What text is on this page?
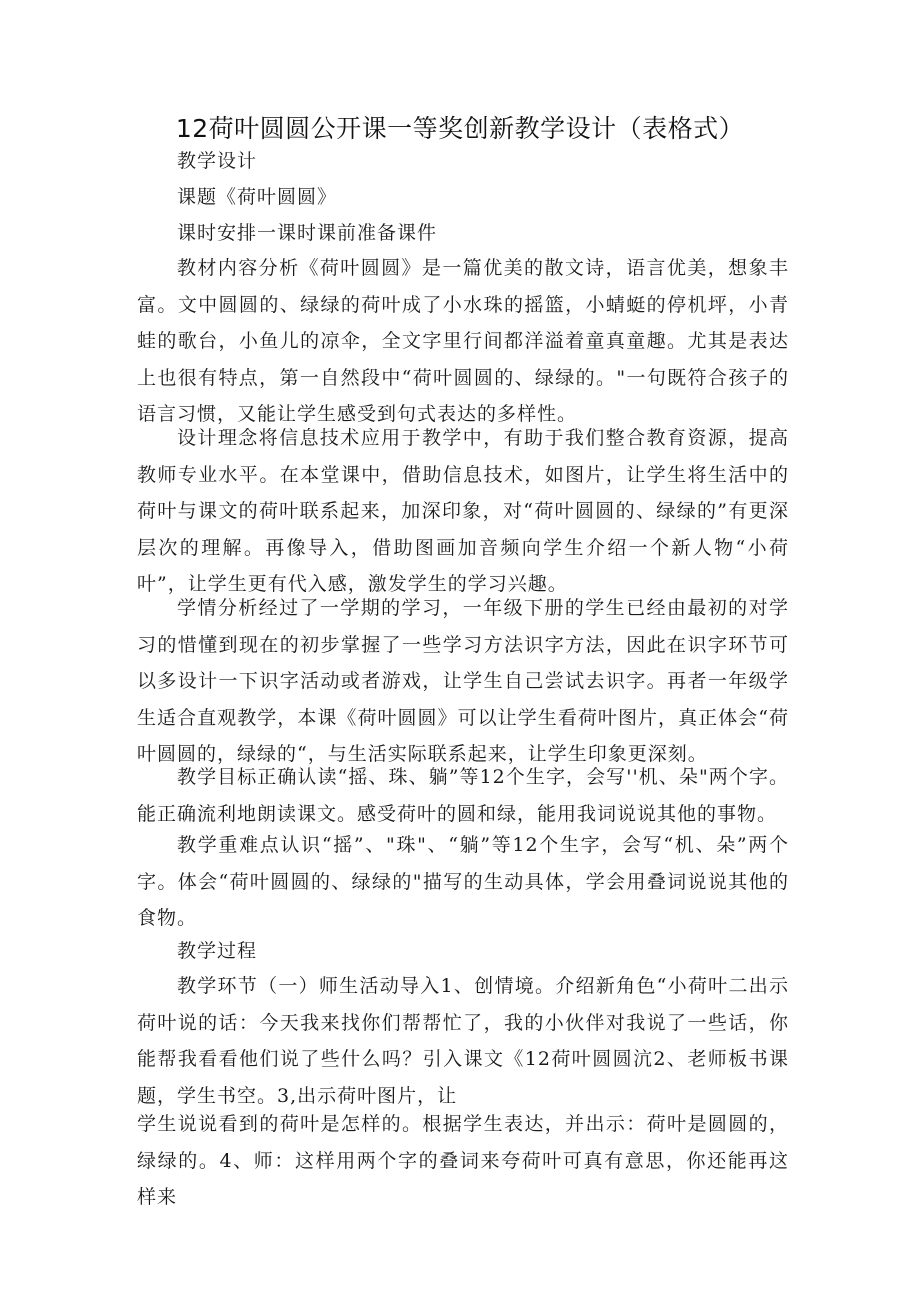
12荷叶圆圆公开课一等奖创新教学设计（表格式）
教学设计
课题《荷叶圆圆》
课时安排一课时课前准备课件

教材内容分析《荷叶圆圆》是一篇优美的散文诗，语言优美，想象丰富。文中圆圆的、绿绿的荷叶成了小水珠的摇篮，小蜻蜓的停机坪，小青蛙的歌台，小鱼儿的凉伞，全文字里行间都洋溢着童真童趣。尤其是表达上也很有特点，第一自然段中“荷叶圆圆的、绿绿的。"一句既符合孩子的语言习惯，又能让学生感受到句式表达的多样性。

设计理念将信息技术应用于教学中，有助于我们整合教育资源，提高教师专业水平。在本堂课中，借助信息技术，如图片，让学生将生活中的荷叶与课文的荷叶联系起来，加深印象，对“荷叶圆圆的、绿绿的”有更深层次的理解。再像导入，借助图画加音频向学生介绍一个新人物“小荷叶”，让学生更有代入感，激发学生的学习兴趣。

学情分析经过了一学期的学习，一年级下册的学生已经由最初的对学习的惜懂到现在的初步掌握了一些学习方法识字方法，因此在识字环节可以多设计一下识字活动或者游戏，让学生自己尝试去识字。再者一年级学生适合直观教学，本课《荷叶圆圆》可以让学生看荷叶图片，真正体会“荷叶圆圆的，绿绿的“，与生活实际联系起来，让学生印象更深刻。

教学目标正确认读“摇、珠、躺”等12个生字，会写''机、朵"两个字。能正确流利地朗读课文。感受荷叶的圆和绿，能用我词说说其他的事物。

教学重难点认识“摇”、"珠"、“躺”等12个生字，会写“机、朵”两个字。体会“荷叶圆圆的、绿绿的"描写的生动具体，学会用叠词说说其他的食物。

教学过程

教学环节（一）师生活动导入1、创情境。介绍新角色“小荷叶二出示荷叶说的话：今天我来找你们帮帮忙了，我的小伙伴对我说了一些话，你能帮我看看他们说了些什么吗？引入课文《12荷叶圆圆沆2、老师板书课题，学生书空。3,出示荷叶图片，让

学生说说看到的荷叶是怎样的。根据学生表达，并出示：荷叶是圆圆的，绿绿的。4、师：这样用两个字的叠词来夸荷叶可真有意思，你还能再这样来
